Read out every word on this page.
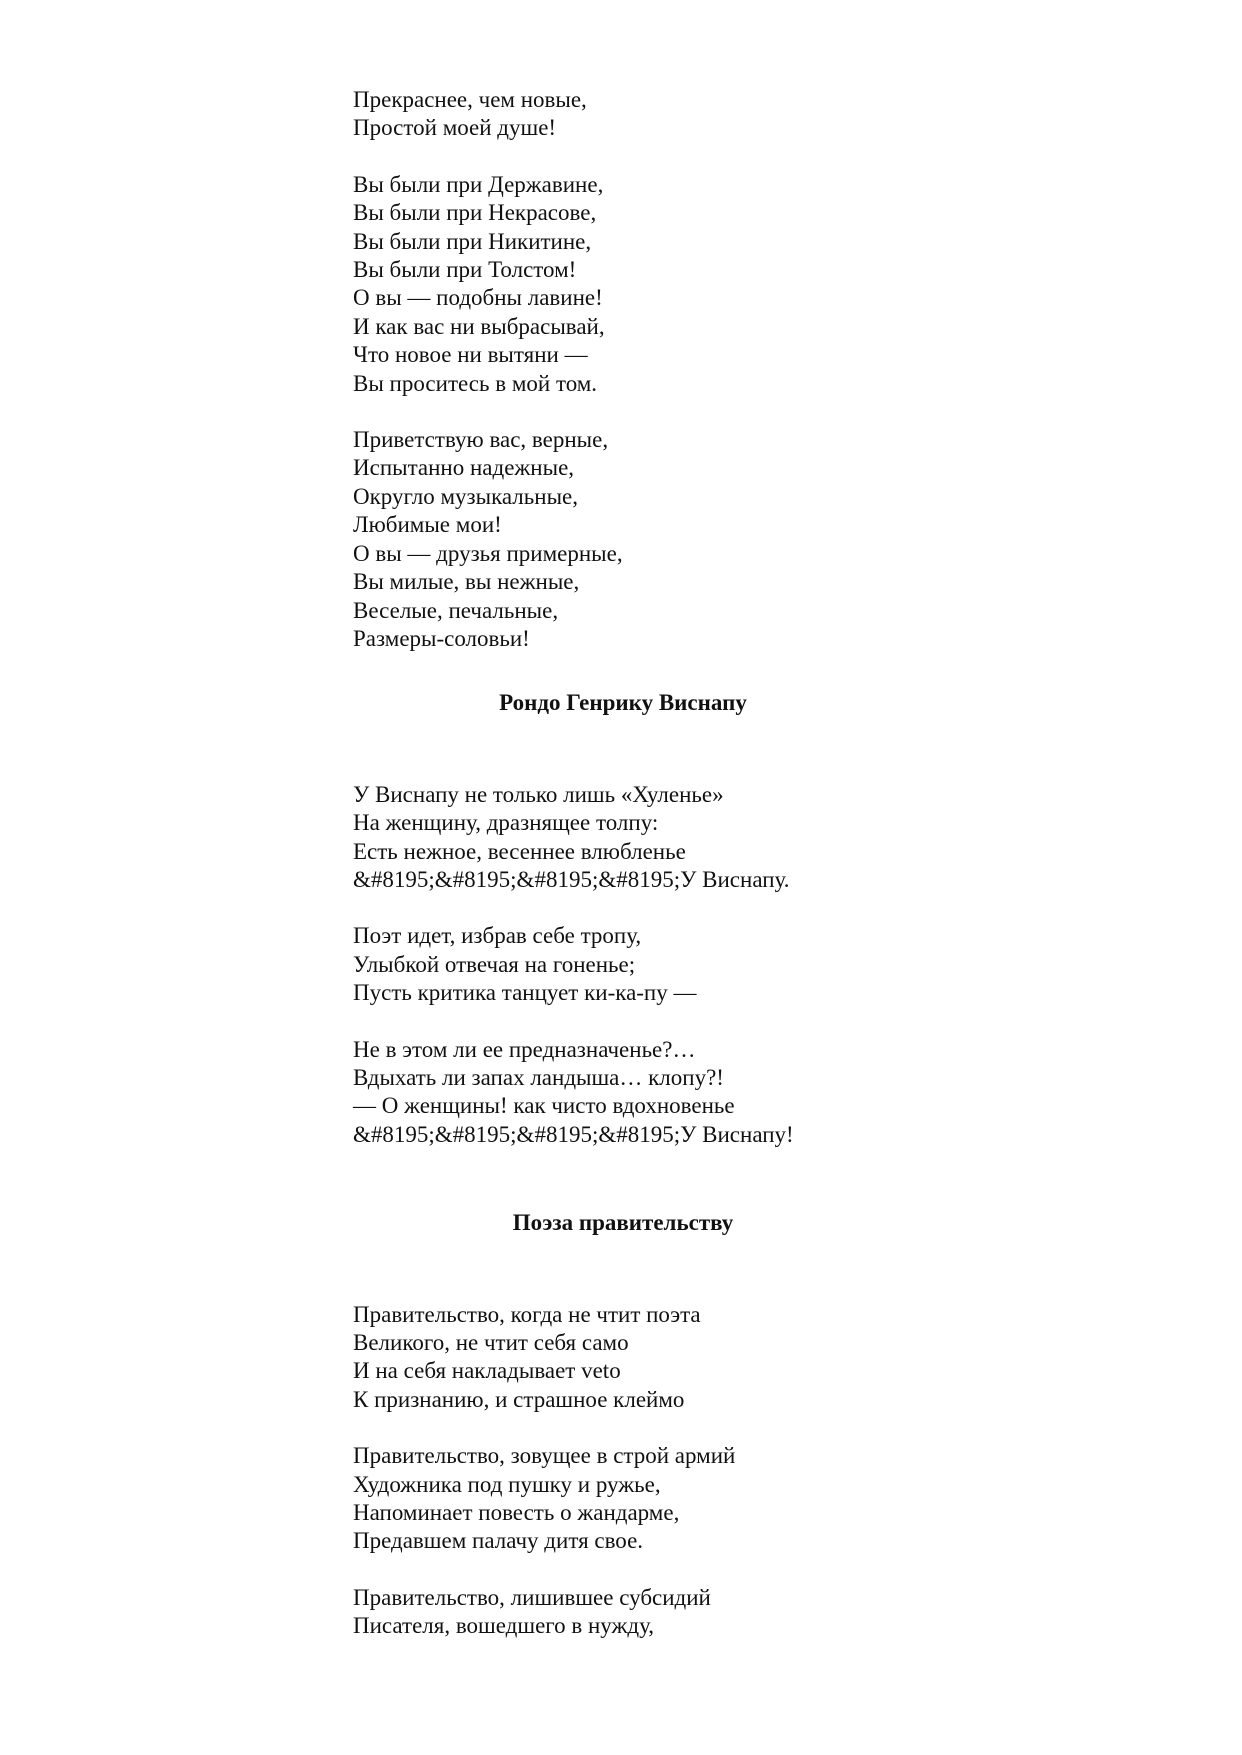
Прекраснее, чем новые,

Простой моей душе!

Вы были при Державине,

Вы были при Некрасове,

Вы были при Никитине,

Вы были при Толстом!

О вы — подобны лавине!

И как вас ни выбрасывай,

Что новое ни вытяни —

Вы проситесь в мой том.

Приветствую вас, верные,

Испытанно надежные,

Округло музыкальные,

Любимые мои!

О вы — друзья примерные,

Вы милые, вы нежные,

Веселые, печальные,

Размеры-соловьи!

Рондо Генрику Виснапу

У Виснапу не только лишь «Хуленье»

На женщину, дразнящее толпу:

Есть нежное, весеннее влюбленье

&#8195;&#8195;&#8195;&#8195;У Виснапу.

Поэт идет, избрав себе тропу,

Улыбкой отвечая на гоненье;

Пусть критика танцует ки-ка-пу —

Не в этом ли ее предназначенье?…

Вдыхать ли запах ландыша… клопу?!

— О женщины! как чисто вдохновенье

&#8195;&#8195;&#8195;&#8195;У Виснапу!

Поэза правительству

Правительство, когда не чтит поэта

Великого, не чтит себя само

И на себя накладывает veto

К признанию, и страшное клеймо

Правительство, зовущее в строй армий

Художника под пушку и ружье,

Напоминает повесть о жандарме,

Предавшем палачу дитя свое.

Правительство, лишившее субсидий

Писателя, вошедшего в нужду,
